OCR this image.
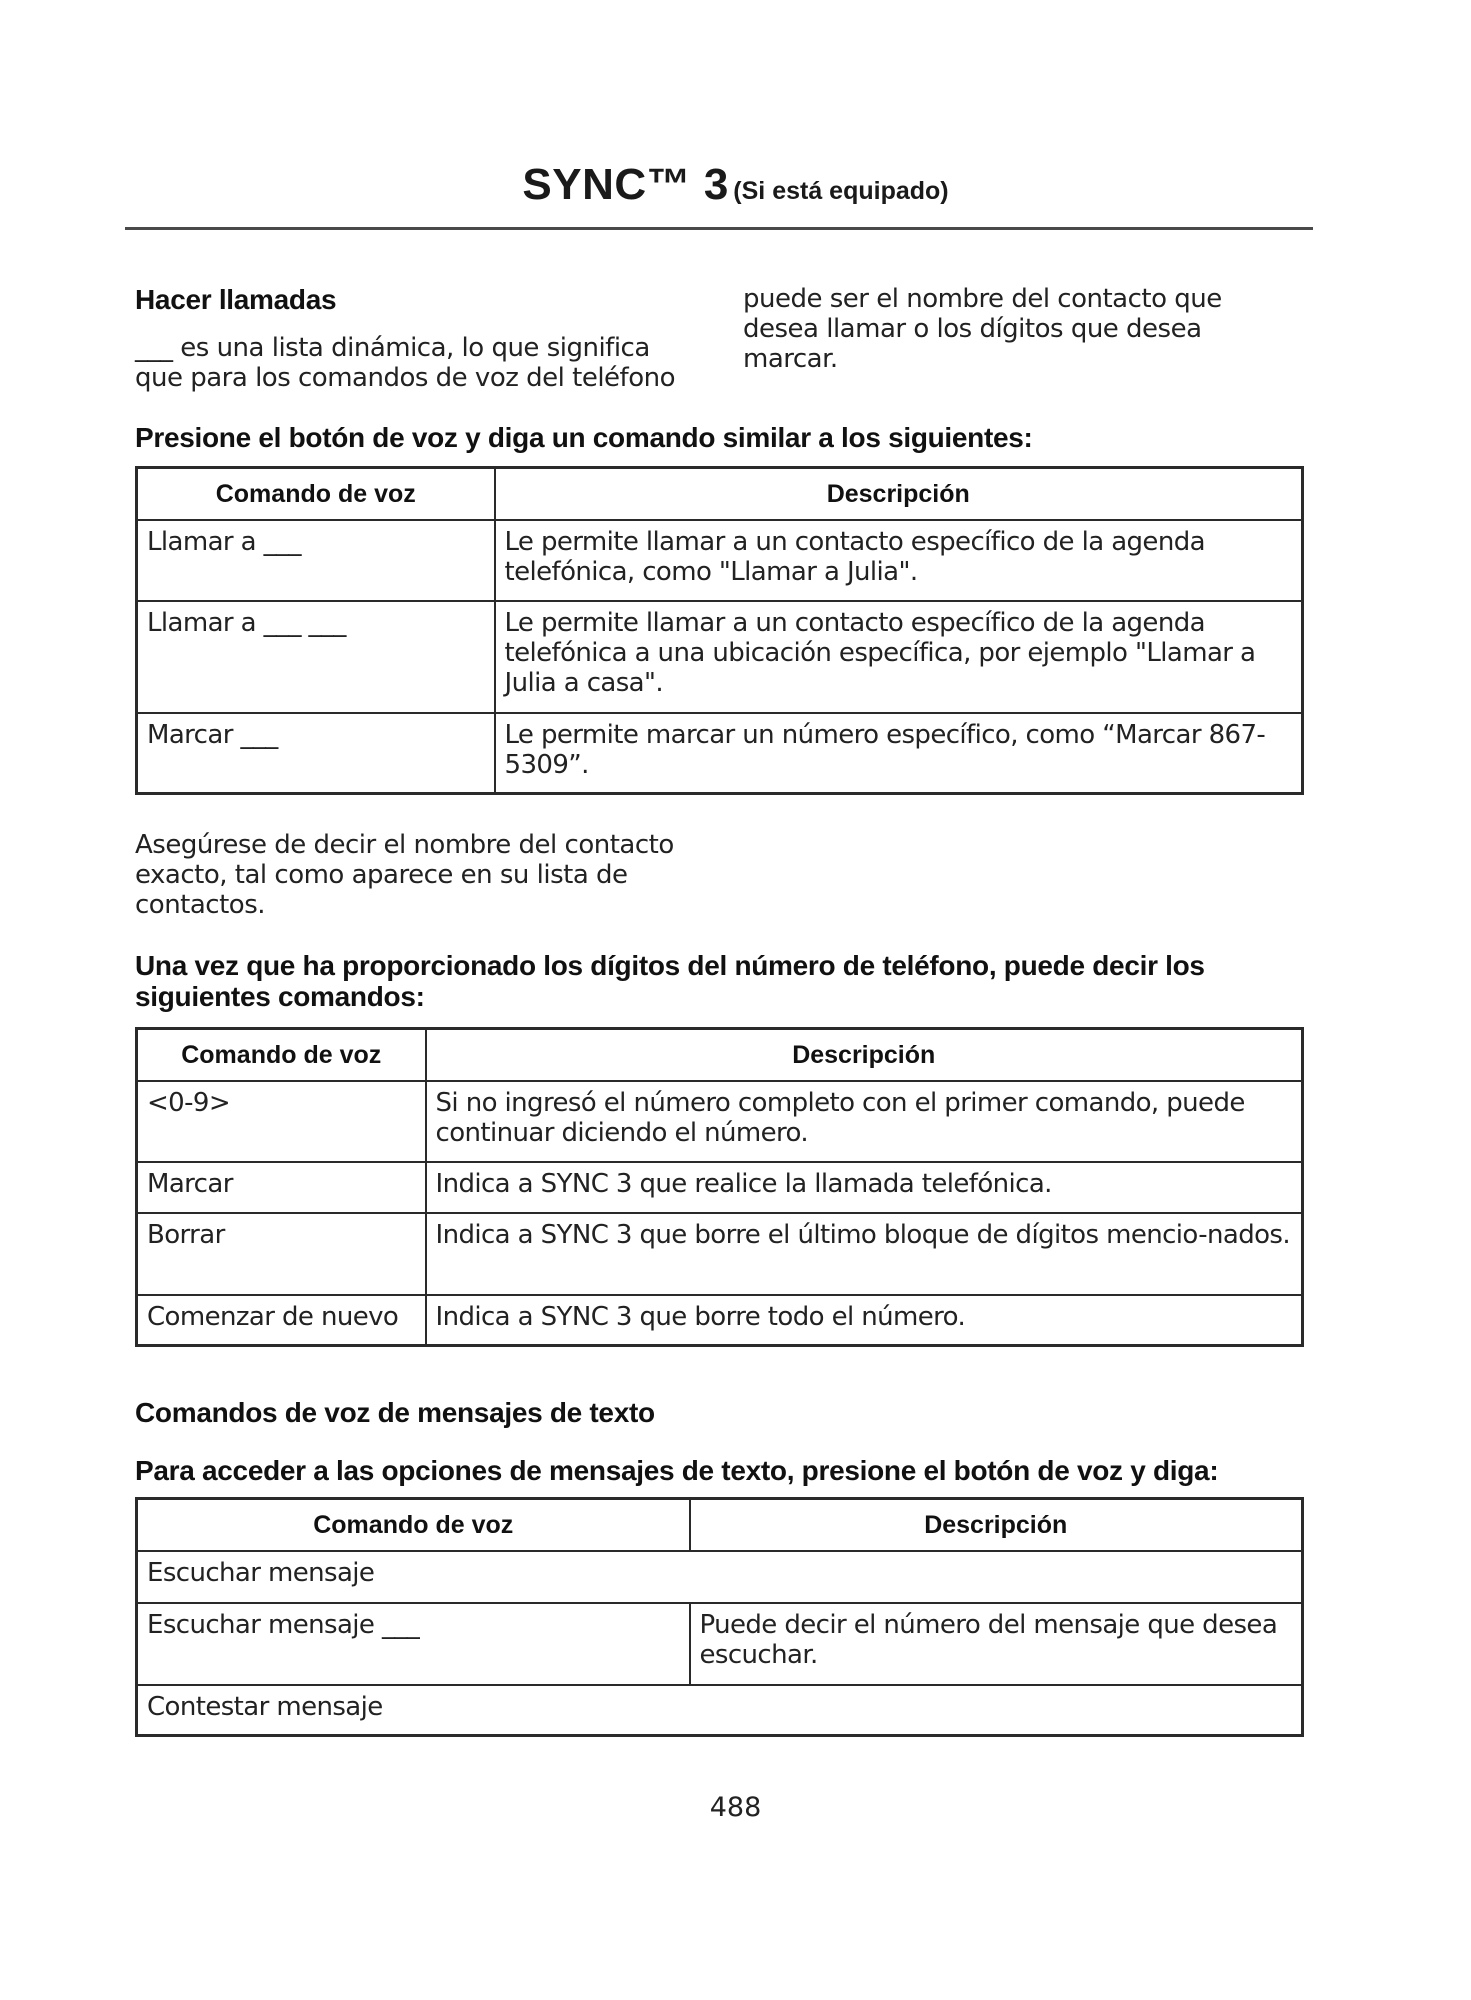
SYNC™ 3 (Si está equipado)
Hacer llamadas
___ es una lista dinámica, lo que significa
que para los comandos de voz del teléfono
puede ser el nombre del contacto que
desea llamar o los dígitos que desea
marcar.
Presione el botón de voz y diga un comando similar a los siguientes:
Comando de voz	Descripción
Llamar a ___	Le permite llamar a un contacto específico de la agenda telefónica, como "Llamar a Julia".
Llamar a ___ ___	Le permite llamar a un contacto específico de la agenda telefónica a una ubicación específica, por ejemplo "Llamar a Julia a casa".
Marcar ___	Le permite marcar un número específico, como “Marcar 867-5309”.
Asegúrese de decir el nombre del contacto
exacto, tal como aparece en su lista de
contactos.
Una vez que ha proporcionado los dígitos del número de teléfono, puede decir los siguientes comandos:
Comando de voz	Descripción
<0-9>	Si no ingresó el número completo con el primer comando, puede continuar diciendo el número.
Marcar	Indica a SYNC 3 que realice la llamada telefónica.
Borrar	Indica a SYNC 3 que borre el último bloque de dígitos mencio-nados.
Comenzar de nuevo	Indica a SYNC 3 que borre todo el número.
Comandos de voz de mensajes de texto
Para acceder a las opciones de mensajes de texto, presione el botón de voz y diga:
Comando de voz	Descripción
Escuchar mensaje	
Escuchar mensaje ___	Puede decir el número del mensaje que desea escuchar.
Contestar mensaje	
488
